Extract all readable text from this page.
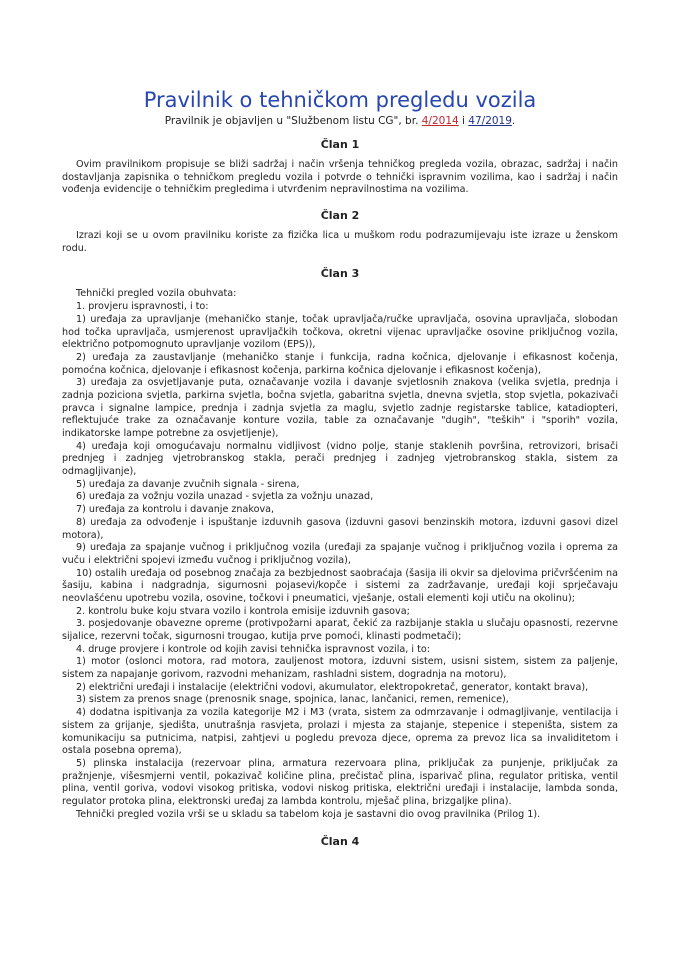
Pravilnik o tehničkom pregledu vozila
Pravilnik je objavljen u "Službenom listu CG", br. 4/2014 i 47/2019.
Član 1

Ovim pravilnikom propisuje se bliži sadržaj i način vršenja tehničkog pregleda vozila, obrazac, sadržaj i način dostavljanja zapisnika o tehničkom pregledu vozila i potvrde o tehnički ispravnim vozilima, kao i sadržaj i način vođenja evidencije o tehničkim pregledima i utvrđenim nepravilnostima na vozilima.

Član 2

Izrazi koji se u ovom pravilniku koriste za fizička lica u muškom rodu podrazumijevaju iste izraze u ženskom rodu.

Član 3

Tehnički pregled vozila obuhvata:

1. provjeru ispravnosti, i to:

1) uređaja za upravljanje (mehaničko stanje, točak upravljača/ručke upravljača, osovina upravljača, slobodan hod točka upravljača, usmjerenost upravljačkih točkova, okretni vijenac upravljačke osovine priključnog vozila, električno potpomognuto upravljanje vozilom (EPS)),

2) uređaja za zaustavljanje (mehaničko stanje i funkcija, radna kočnica, djelovanje i efikasnost kočenja, pomoćna kočnica, djelovanje i efikasnost kočenja, parkirna kočnica djelovanje i efikasnost kočenja),

3) uređaja za osvjetljavanje puta, označavanje vozila i davanje svjetlosnih znakova (velika svjetla, prednja i zadnja poziciona svjetla, parkirna svjetla, bočna svjetla, gabaritna svjetla, dnevna svjetla, stop svjetla, pokazivači pravca i signalne lampice, prednja i zadnja svjetla za maglu, svjetlo zadnje registarske tablice, katadiopteri, reflektujuće trake za označavanje konture vozila, table za označavanje "dugih", "teških" i "sporih" vozila, indikatorske lampe potrebne za osvjetljenje),

4) uređaja koji omogućavaju normalnu vidljivost (vidno polje, stanje staklenih površina, retrovizori, brisači prednjeg i zadnjeg vjetrobranskog stakla, perači prednjeg i zadnjeg vjetrobranskog stakla, sistem za odmagljivanje),

5) uređaja za davanje zvučnih signala - sirena,

6) uređaja za vožnju vozila unazad - svjetla za vožnju unazad,

7) uređaja za kontrolu i davanje znakova,

8) uređaja za odvođenje i ispuštanje izduvnih gasova (izduvni gasovi benzinskih motora, izduvni gasovi dizel motora),

9) uređaja za spajanje vučnog i priključnog vozila (uređaji za spajanje vučnog i priključnog vozila i oprema za vuču i električni spojevi između vučnog i priključnog vozila),

10) ostalih uređaja od posebnog značaja za bezbjednost saobraćaja (šasija ili okvir sa djelovima pričvršćenim na šasiju, kabina i nadgradnja, sigurnosni pojasevi/kopče i sistemi za zadržavanje, uređaji koji sprječavaju neovlašćenu upotrebu vozila, osovine, točkovi i pneumatici, vješanje, ostali elementi koji utiču na okolinu);

2. kontrolu buke koju stvara vozilo i kontrola emisije izduvnih gasova;

3. posjedovanje obavezne opreme (protivpožarni aparat, čekić za razbijanje stakla u slučaju opasnosti, rezervne sijalice, rezervni točak, sigurnosni trougao, kutija prve pomoći, klinasti podmetači);

4. druge provjere i kontrole od kojih zavisi tehnička ispravnost vozila, i to:

1) motor (oslonci motora, rad motora, zauljenost motora, izduvni sistem, usisni sistem, sistem za paljenje, sistem za napajanje gorivom, razvodni mehanizam, rashladni sistem, dogradnja na motoru),

2) električni uređaji i instalacije (električni vodovi, akumulator, elektropokretač, generator, kontakt brava),

3) sistem za prenos snage (prenosnik snage, spojnica, lanac, lančanici, remen, remenice),

4) dodatna ispitivanja za vozila kategorije M2 i M3 (vrata, sistem za odmrzavanje i odmagljivanje, ventilacija i sistem za grijanje, sjedišta, unutrašnja rasvjeta, prolazi i mjesta za stajanje, stepenice i stepeništa, sistem za komunikaciju sa putnicima, natpisi, zahtjevi u pogledu prevoza djece, oprema za prevoz lica sa invaliditetom i ostala posebna oprema),

5) plinska instalacija (rezervoar plina, armatura rezervoara plina, priključak za punjenje, priključak za pražnjenje, višesmjerni ventil, pokazivač količine plina, prečistač plina, isparivač plina, regulator pritiska, ventil plina, ventil goriva, vodovi visokog pritiska, vodovi niskog pritiska, električni uređaji i instalacije, lambda sonda, regulator protoka plina, elektronski uređaj za lambda kontrolu, mješač plina, brizgaljke plina).

Tehnički pregled vozila vrši se u skladu sa tabelom koja je sastavni dio ovog pravilnika (Prilog 1).

Član 4
